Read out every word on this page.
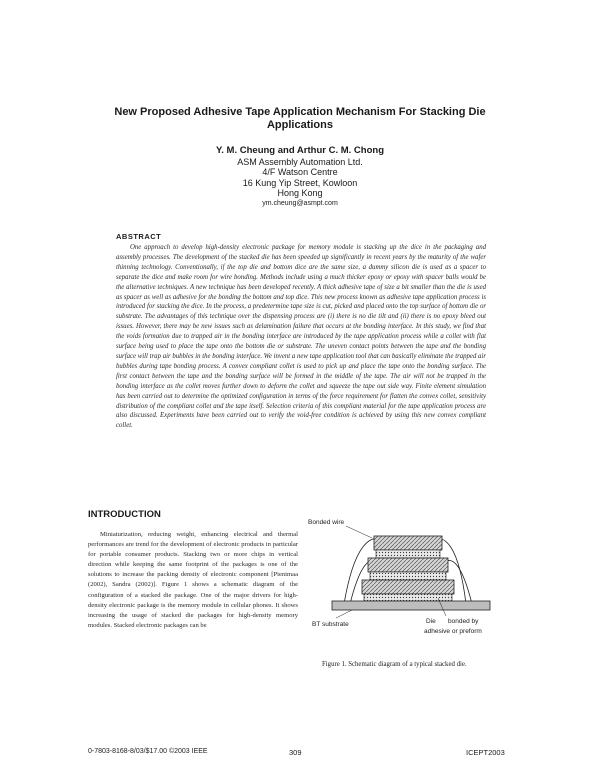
New Proposed Adhesive Tape Application Mechanism For Stacking Die Applications
Y. M. Cheung and Arthur C. M. Chong
ASM Assembly Automation Ltd.
4/F Watson Centre
16 Kung Yip Street, Kowloon
Hong Kong
ym.cheung@asmpt.com
ABSTRACT
One approach to develop high-density electronic package for memory module is stacking up the dice in the packaging and assembly processes. The development of the stacked die has been speeded up significantly in recent years by the maturity of the wafer thinning technology. Conventionally, if the top die and bottom dice are the same size, a dummy silicon die is used as a spacer to separate the dice and make room for wire bonding. Methods include using a much thicker epoxy or epoxy with spacer balls would be the alternative techniques. A new technique has been developed recently. A thick adhesive tape of size a bit smaller than the die is used as spacer as well as adhesive for the bonding the bottom and top dice. This new process known as adhesive tape application process is introduced for stacking the dice. In the process, a predetermine tape size is cut, picked and placed onto the top surface of bottom die or substrate. The advantages of this technique over the dispensing process are (i) there is no die tilt and (ii) there is no epoxy bleed out issues. However, there may be new issues such as delamination failure that occurs at the bonding interface. In this study, we find that the voids formation due to trapped air in the bonding interface are introduced by the tape application process while a collet with flat surface being used to place the tape onto the bottom die or substrate. The uneven contact points between the tape and the bonding surface will trap air bubbles in the bonding interface. We invent a new tape application tool that can basically eliminate the trapped air bubbles during tape bonding process. A convex compliant collet is used to pick up and place the tape onto the bonding surface. The first contact between the tape and the bonding surface will be formed in the middle of the tape. The air will not be trapped in the bonding interface as the collet moves further down to deform the collet and squeeze the tape out side way. Finite element simulation has been carried out to determine the optimized configuration in terms of the force requirement for flatten the convex collet, sensitivity distribution of the compliant collet and the tape itself. Selection criteria of this compliant material for the tape application process are also discussed. Experiments have been carried out to verify the void-free condition is achieved by using this new convex compliant collet.
INTRODUCTION
Miniaturization, reducing weight, enhancing electrical and thermal performances are trend for the development of electronic products in particular for portable consumer products. Stacking two or more chips in vertical direction while keeping the same footprint of the packages is one of the solutions to increase the packing density of electronic component [Pienimaa (2002), Sandra (2002)]. Figure 1 shows a schematic diagram of the configuration of a stacked die package. One of the major drivers for high-density electronic package is the memory module in cellular phones. It shows increasing the usage of stacked die packages for high-density memory modules. Stacked electronic packages can be
Bonded wire
BT substrate	Die bonded by
adhesive or preform
Figure 1. Schematic diagram of a typical stacked die.
0-7803-8168-8/03/$17.00 ©2003 IEEE	309	ICEPT2003
